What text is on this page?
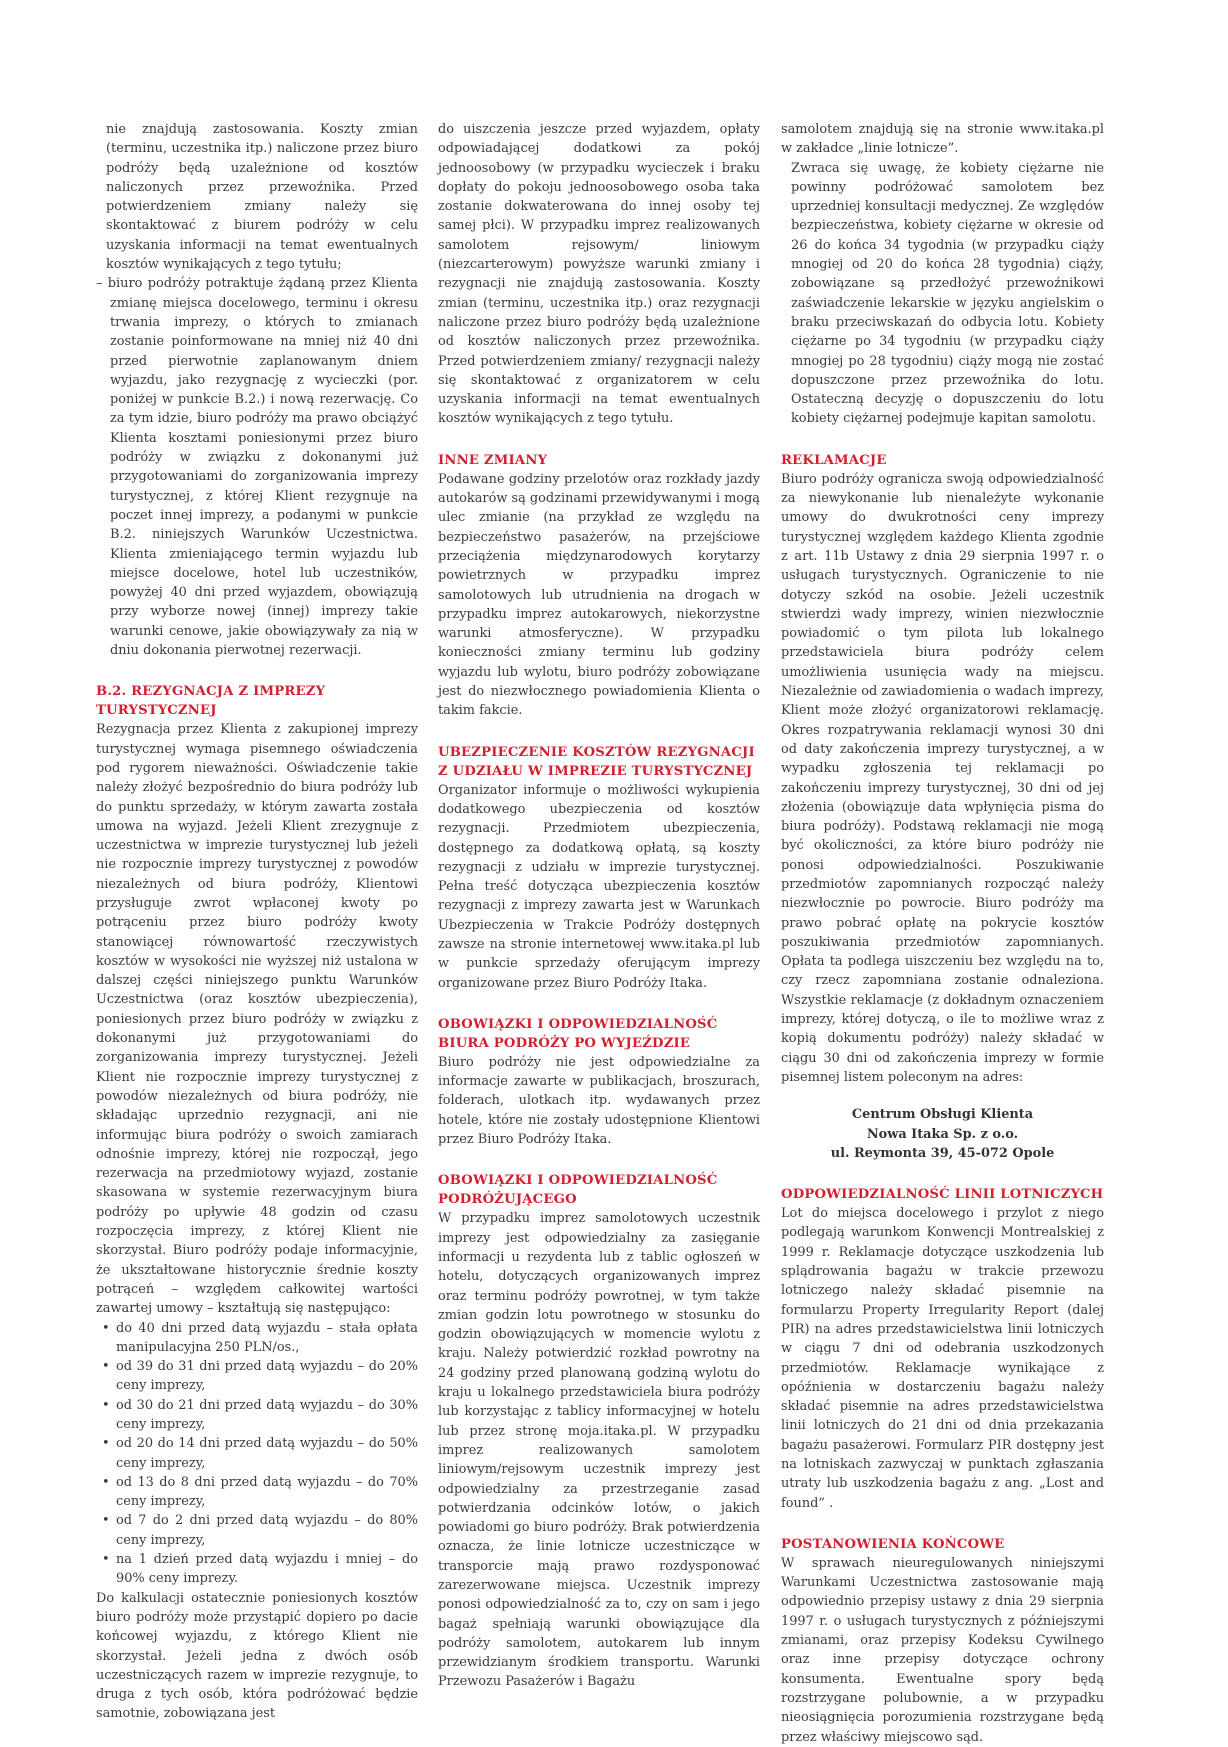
nie znajdują zastosowania. Koszty zmian (terminu, uczestnika itp.) naliczone przez biuro podróży będą uzależnione od kosztów naliczonych przez przewoźnika. Przed potwierdzeniem zmiany należy się skontaktować z biurem podróży w celu uzyskania informacji na temat ewentualnych kosztów wynikających z tego tytułu;

– biuro podróży potraktuje żądaną przez Klienta zmianę miejsca docelowego, terminu i okresu trwania imprezy, o których to zmianach zostanie poinformowane na mniej niż 40 dni przed pierwotnie zaplanowanym dniem wyjazdu, jako rezygnację z wycieczki (por. poniżej w punkcie B.2.) i nową rezerwację. Co za tym idzie, biuro podróży ma prawo obciążyć Klienta kosztami poniesionymi przez biuro podróży w związku z dokonanymi już przygotowaniami do zorganizowania imprezy turystycznej, z której Klient rezygnuje na poczet innej imprezy, a podanymi w punkcie B.2. niniejszych Warunków Uczestnictwa. Klienta zmieniającego termin wyjazdu lub miejsce docelowe, hotel lub uczestników, powyżej 40 dni przed wyjazdem, obowiązują przy wyborze nowej (innej) imprezy takie warunki cenowe, jakie obowiązywały za nią w dniu dokonania pierwotnej rezerwacji.

B.2. REZYGNACJA Z IMPREZY TURYSTYCZNEJ

Rezygnacja przez Klienta z zakupionej imprezy turystycznej wymaga pisemnego oświadczenia pod rygorem nieważności. Oświadczenie takie należy złożyć bezpośrednio do biura podróży lub do punktu sprzedaży, w którym zawarta została umowa na wyjazd. Jeżeli Klient zrezygnuje z uczestnictwa w imprezie turystycznej lub jeżeli nie rozpocznie imprezy turystycznej z powodów niezależnych od biura podróży, Klientowi przysługuje zwrot wpłaconej kwoty po potrąceniu przez biuro podróży kwoty stanowiącej równowartość rzeczywistych kosztów w wysokości nie wyższej niż ustalona w dalszej części niniejszego punktu Warunków Uczestnictwa (oraz kosztów ubezpieczenia), poniesionych przez biuro podróży w związku z dokonanymi już przygotowaniami do zorganizowania imprezy turystycznej. Jeżeli Klient nie rozpocznie imprezy turystycznej z powodów niezależnych od biura podróży, nie składając uprzednio rezygnacji, ani nie informując biura podróży o swoich zamiarach odnośnie imprezy, której nie rozpoczął, jego rezerwacja na przedmiotowy wyjazd, zostanie skasowana w systemie rezerwacyjnym biura podróży po upływie 48 godzin od czasu rozpoczęcia imprezy, z której Klient nie skorzystał. Biuro podróży podaje informacyjnie, że ukształtowane historycznie średnie koszty potrąceń – względem całkowitej wartości zawartej umowy – kształtują się następująco:

• do 40 dni przed datą wyjazdu – stała opłata manipulacyjna 250 PLN/os.,
• od 39 do 31 dni przed datą wyjazdu – do 20% ceny imprezy,
• od 30 do 21 dni przed datą wyjazdu – do 30% ceny imprezy,
• od 20 do 14 dni przed datą wyjazdu – do 50% ceny imprezy,
• od 13 do 8 dni przed datą wyjazdu – do 70% ceny imprezy,
• od 7 do 2 dni przed datą wyjazdu – do 80% ceny imprezy,
• na 1 dzień przed datą wyjazdu i mniej – do 90% ceny imprezy.

Do kalkulacji ostatecznie poniesionych kosztów biuro podróży może przystąpić dopiero po dacie końcowej wyjazdu, z którego Klient nie skorzystał. Jeżeli jedna z dwóch osób uczestniczących razem w imprezie rezygnuje, to druga z tych osób, która podróżować będzie samotnie, zobowiązana jest

do uiszczenia jeszcze przed wyjazdem, opłaty odpowiadającej dodatkowi za pokój jednoosobowy (w przypadku wycieczek i braku dopłaty do pokoju jednoosobowego osoba taka zostanie dokwaterowana do innej osoby tej samej płci). W przypadku imprez realizowanych samolotem rejsowym/ liniowym (niezcarterowym) powyższe warunki zmiany i rezygnacji nie znajdują zastosowania. Koszty zmian (terminu, uczestnika itp.) oraz rezygnacji naliczone przez biuro podróży będą uzależnione od kosztów naliczonych przez przewoźnika. Przed potwierdzeniem zmiany/ rezygnacji należy się skontaktować z organizatorem w celu uzyskania informacji na temat ewentualnych kosztów wynikających z tego tytułu.

INNE ZMIANY

Podawane godziny przelotów oraz rozkłady jazdy autokarów są godzinami przewidywanymi i mogą ulec zmianie (na przykład ze względu na bezpieczeństwo pasażerów, na przejściowe przeciążenia międzynarodowych korytarzy powietrznych w przypadku imprez samolotowych lub utrudnienia na drogach w przypadku imprez autokarowych, niekorzystne warunki atmosferyczne). W przypadku konieczności zmiany terminu lub godziny wyjazdu lub wylotu, biuro podróży zobowiązane jest do niezwłocznego powiadomienia Klienta o takim fakcie.

UBEZPIECZENIE KOSZTÓW REZYGNACJI Z UDZIAŁU W IMPREZIE TURYSTYCZNEJ

Organizator informuje o możliwości wykupienia dodatkowego ubezpieczenia od kosztów rezygnacji. Przedmiotem ubezpieczenia, dostępnego za dodatkową opłatą, są koszty rezygnacji z udziału w imprezie turystycznej. Pełna treść dotycząca ubezpieczenia kosztów rezygnacji z imprezy zawarta jest w Warunkach Ubezpieczenia w Trakcie Podróży dostępnych zawsze na stronie internetowej www.itaka.pl lub w punkcie sprzedaży oferującym imprezy organizowane przez Biuro Podróży Itaka.

OBOWIĄZKI I ODPOWIEDZIALNOŚĆ BIURA PODRÓŻY PO WYJEŹDZIE

Biuro podróży nie jest odpowiedzialne za informacje zawarte w publikacjach, broszurach, folderach, ulotkach itp. wydawanych przez hotele, które nie zostały udostępnione Klientowi przez Biuro Podróży Itaka.

OBOWIĄZKI I ODPOWIEDZIALNOŚĆ PODRÓŻUJĄCEGO

W przypadku imprez samolotowych uczestnik imprezy jest odpowiedzialny za zasięganie informacji u rezydenta lub z tablic ogłoszeń w hotelu, dotyczących organizowanych imprez oraz terminu podróży powrotnej, w tym także zmian godzin lotu powrotnego w stosunku do godzin obowiązujących w momencie wylotu z kraju. Należy potwierdzić rozkład powrotny na 24 godziny przed planowaną godziną wylotu do kraju u lokalnego przedstawiciela biura podróży lub korzystając z tablicy informacyjnej w hotelu lub przez stronę moja.itaka.pl. W przypadku imprez realizowanych samolotem liniowym/rejsowym uczestnik imprezy jest odpowiedzialny za przestrzeganie zasad potwierdzania odcinków lotów, o jakich powiadomi go biuro podróży. Brak potwierdzenia oznacza, że linie lotnicze uczestniczące w transporcie mają prawo rozdysponować zarezerwowane miejsca. Uczestnik imprezy ponosi odpowiedzialność za to, czy on sam i jego bagaż spełniają warunki obowiązujące dla podróży samolotem, autokarem lub innym przewidzianym środkiem transportu. Warunki Przewozu Pasażerów i Bagażu

samolotem znajdują się na stronie www.itaka.pl w zakładce „linie lotnicze”.

Zwraca się uwagę, że kobiety ciężarne nie powinny podróżować samolotem bez uprzedniej konsultacji medycznej. Ze względów bezpieczeństwa, kobiety ciężarne w okresie od 26 do końca 34 tygodnia (w przypadku ciąży mnogiej od 20 do końca 28 tygodnia) ciąży, zobowiązane są przedłożyć przewoźnikowi zaświadczenie lekarskie w języku angielskim o braku przeciwskazań do odbycia lotu. Kobiety ciężarne po 34 tygodniu (w przypadku ciąży mnogiej po 28 tygodniu) ciąży mogą nie zostać dopuszczone przez przewoźnika do lotu. Ostateczną decyzję o dopuszczeniu do lotu kobiety ciężarnej podejmuje kapitan samolotu.

REKLAMACJE

Biuro podróży ogranicza swoją odpowiedzialność za niewykonanie lub nienależyte wykonanie umowy do dwukrotności ceny imprezy turystycznej względem każdego Klienta zgodnie z art. 11b Ustawy z dnia 29 sierpnia 1997 r. o usługach turystycznych. Ograniczenie to nie dotyczy szkód na osobie. Jeżeli uczestnik stwierdzi wady imprezy, winien niezwłocznie powiadomić o tym pilota lub lokalnego przedstawiciela biura podróży celem umożliwienia usunięcia wady na miejscu. Niezależnie od zawiadomienia o wadach imprezy, Klient może złożyć organizatorowi reklamację. Okres rozpatrywania reklamacji wynosi 30 dni od daty zakończenia imprezy turystycznej, a w wypadku zgłoszenia tej reklamacji po zakończeniu imprezy turystycznej, 30 dni od jej złożenia (obowiązuje data wpłynięcia pisma do biura podróży). Podstawą reklamacji nie mogą być okoliczności, za które biuro podróży nie ponosi odpowiedzialności. Poszukiwanie przedmiotów zapomnianych rozpocząć należy niezwłocznie po powrocie. Biuro podróży ma prawo pobrać opłatę na pokrycie kosztów poszukiwania przedmiotów zapomnianych. Opłata ta podlega uiszczeniu bez względu na to, czy rzecz zapomniana zostanie odnaleziona. Wszystkie reklamacje (z dokładnym oznaczeniem imprezy, której dotyczą, o ile to możliwe wraz z kopią dokumentu podróży) należy składać w ciągu 30 dni od zakończenia imprezy w formie pisemnej listem poleconym na adres:

Centrum Obsługi Klienta
Nowa Itaka Sp. z o.o.
ul. Reymonta 39, 45-072 Opole
ODPOWIEDZIALNOŚĆ LINII LOTNICZYCH

Lot do miejsca docelowego i przylot z niego podlegają warunkom Konwencji Montrealskiej z 1999 r. Reklamacje dotyczące uszkodzenia lub splądrowania bagażu w trakcie przewozu lotniczego należy składać pisemnie na formularzu Property Irregularity Report (dalej PIR) na adres przedstawicielstwa linii lotniczych w ciągu 7 dni od odebrania uszkodzonych przedmiotów. Reklamacje wynikające z opóźnienia w dostarczeniu bagażu należy składać pisemnie na adres przedstawicielstwa linii lotniczych do 21 dni od dnia przekazania bagażu pasażerowi. Formularz PIR dostępny jest na lotniskach zazwyczaj w punktach zgłaszania utraty lub uszkodzenia bagażu z ang. „Lost and found” .

POSTANOWIENIA KOŃCOWE

W sprawach nieuregulowanych niniejszymi Warunkami Uczestnictwa zastosowanie mają odpowiednio przepisy ustawy z dnia 29 sierpnia 1997 r. o usługach turystycznych z późniejszymi zmianami, oraz przepisy Kodeksu Cywilnego oraz inne przepisy dotyczące ochrony konsumenta. Ewentualne spory będą rozstrzygane polubownie, a w przypadku nieosiągnięcia porozumienia rozstrzygane będą przez właściwy miejscowo sąd.
